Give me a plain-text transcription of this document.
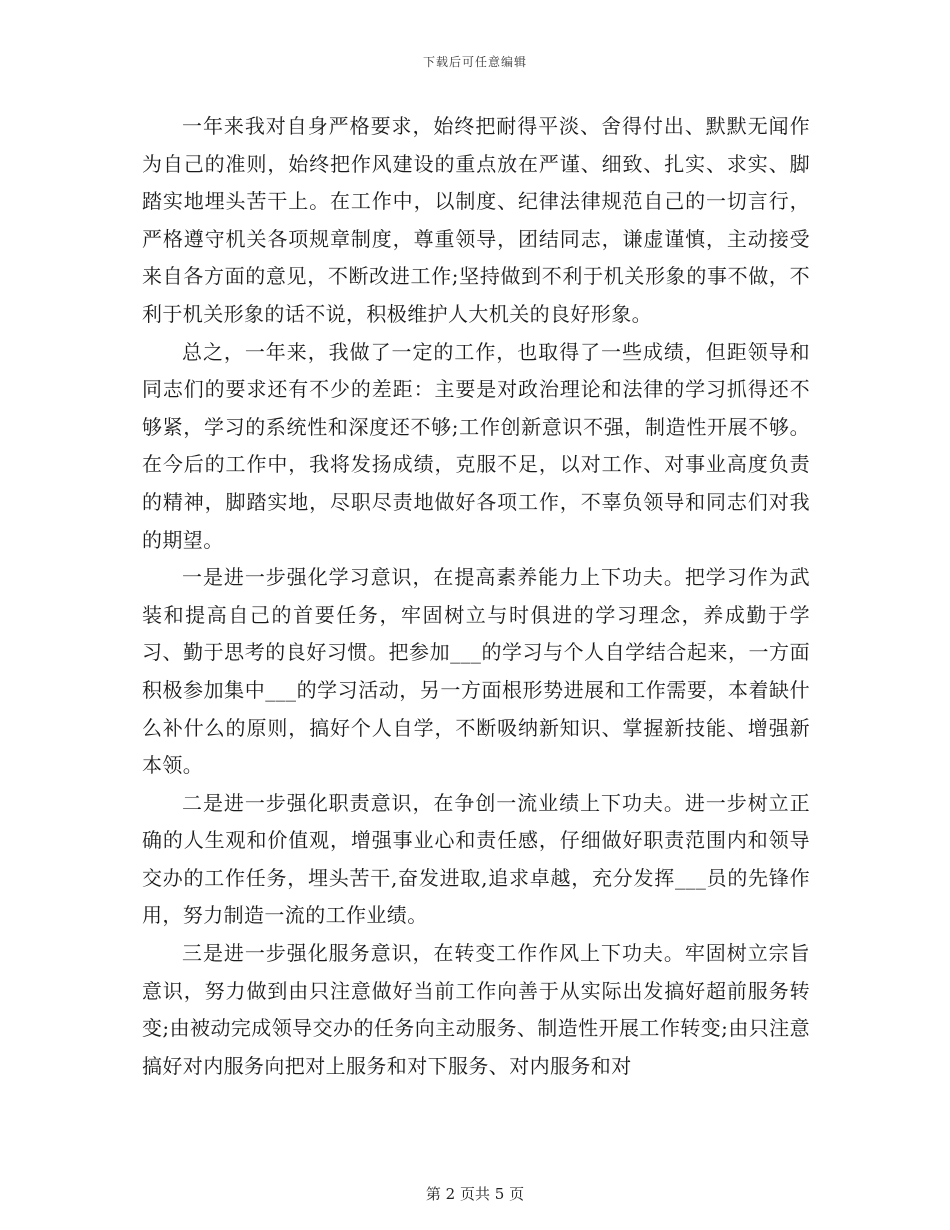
下载后可任意编辑

一年来我对自身严格要求，始终把耐得平淡、舍得付出、默默无闻作为自己的准则，始终把作风建设的重点放在严谨、细致、扎实、求实、脚踏实地埋头苦干上。在工作中，以制度、纪律法律规范自己的一切言行，严格遵守机关各项规章制度，尊重领导，团结同志，谦虚谨慎，主动接受来自各方面的意见，不断改进工作;坚持做到不利于机关形象的事不做，不利于机关形象的话不说，积极维护人大机关的良好形象。

总之，一年来，我做了一定的工作，也取得了一些成绩，但距领导和同志们的要求还有不少的差距：主要是对政治理论和法律的学习抓得还不够紧，学习的系统性和深度还不够;工作创新意识不强，制造性开展不够。在今后的工作中，我将发扬成绩，克服不足，以对工作、对事业高度负责的精神，脚踏实地，尽职尽责地做好各项工作，不辜负领导和同志们对我的期望。

一是进一步强化学习意识，在提高素养能力上下功夫。把学习作为武装和提高自己的首要任务，牢固树立与时俱进的学习理念，养成勤于学习、勤于思考的良好习惯。把参加___的学习与个人自学结合起来，一方面积极参加集中___的学习活动，另一方面根形势进展和工作需要，本着缺什么补什么的原则，搞好个人自学，不断吸纳新知识、掌握新技能、增强新本领。

二是进一步强化职责意识，在争创一流业绩上下功夫。进一步树立正确的人生观和价值观，增强事业心和责任感，仔细做好职责范围内和领导交办的工作任务，埋头苦干,奋发进取,追求卓越，充分发挥___员的先锋作用，努力制造一流的工作业绩。

三是进一步强化服务意识，在转变工作作风上下功夫。牢固树立宗旨意识，努力做到由只注意做好当前工作向善于从实际出发搞好超前服务转变;由被动完成领导交办的任务向主动服务、制造性开展工作转变;由只注意搞好对内服务向把对上服务和对下服务、对内服务和对

第 2 页共 5 页
